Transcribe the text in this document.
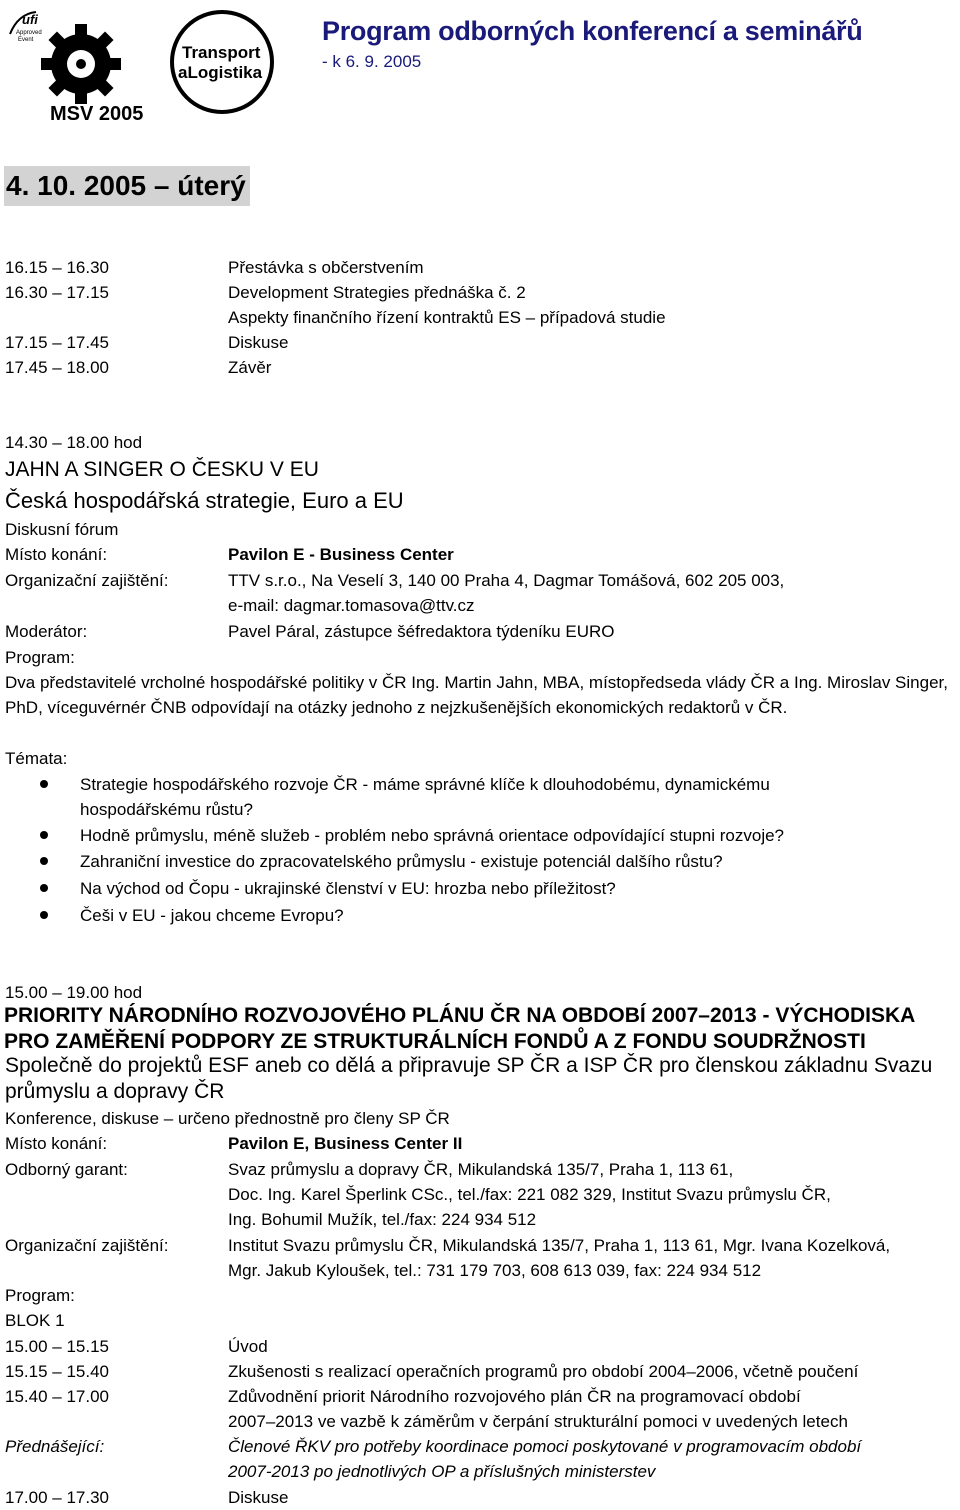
ufi
Approved
Event
MSV 2005
Transport
aLogistika
Program odborných konferencí a seminářů
- k 6. 9. 2005
4. 10. 2005 – úterý
16.15 – 16.30	Přestávka s občerstvením
16.30 – 17.15	Development Strategies přednáška č. 2
Aspekty finančního řízení kontraktů ES – případová studie
17.15 – 17.45	Diskuse
17.45 – 18.00	Závěr
14.30 – 18.00 hod
JAHN A SINGER O ČESKU V EU
Česká hospodářská strategie, Euro a EU
Diskusní fórum
Místo konání:	Pavilon E - Business Center
Organizační zajištění:	TTV s.r.o., Na Veselí 3, 140 00 Praha 4, Dagmar Tomášová, 602 205 003,
e-mail: dagmar.tomasova@ttv.cz
Moderátor:	Pavel Páral, zástupce šéfredaktora týdeníku EURO
Program:
Dva představitelé vrcholné hospodářské politiky v ČR Ing. Martin Jahn, MBA, místopředseda vlády ČR a Ing. Miroslav Singer, PhD, víceguvérnér ČNB odpovídají na otázky jednoho z nejzkušenějších ekonomických redaktorů v ČR.
Témata:
Strategie hospodářského rozvoje ČR - máme správné klíče k dlouhodobému, dynamickému hospodářskému růstu?
Hodně průmyslu, méně služeb - problém nebo správná orientace odpovídající stupni rozvoje?
Zahraniční investice do zpracovatelského průmyslu - existuje potenciál dalšího růstu?
Na východ od Čopu - ukrajinské členství v EU: hrozba nebo příležitost?
Češi v EU - jakou chceme Evropu?
15.00 – 19.00 hod
PRIORITY NÁRODNÍHO ROZVOJOVÉHO PLÁNU ČR NA OBDOBÍ 2007–2013 - VÝCHODISKA PRO ZAMĚŘENÍ PODPORY ZE STRUKTURÁLNÍCH FONDŮ A Z FONDU SOUDRŽNOSTI
Společně do projektů ESF aneb co dělá a připravuje SP ČR a ISP ČR pro členskou základnu Svazu průmyslu a dopravy ČR
Konference, diskuse – určeno přednostně pro členy SP ČR
Místo konání:	Pavilon E, Business Center II
Odborný garant:	Svaz průmyslu a dopravy ČR, Mikulandská 135/7, Praha 1, 113 61,
Doc. Ing. Karel Šperlink CSc., tel./fax: 221 082 329, Institut Svazu průmyslu ČR,
Ing. Bohumil Mužík, tel./fax: 224 934 512
Organizační zajištění:	Institut Svazu průmyslu ČR, Mikulandská 135/7, Praha 1, 113 61, Mgr. Ivana Kozelková,
Mgr. Jakub Kyloušek, tel.: 731 179 703, 608 613 039, fax: 224 934 512
Program:
BLOK 1
15.00 – 15.15	Úvod
15.15 – 15.40	Zkušenosti s realizací operačních programů pro období 2004–2006, včetně poučení
15.40 – 17.00	Zdůvodnění priorit Národního rozvojového plán ČR na programovací období
2007–2013 ve vazbě k záměrům v čerpání strukturální pomoci v uvedených letech
Přednášející:	Členové ŘKV pro potřeby koordinace pomoci poskytované v programovacím období
2007-2013 po jednotlivých OP a příslušných ministerstev
17.00 – 17.30	Diskuse
